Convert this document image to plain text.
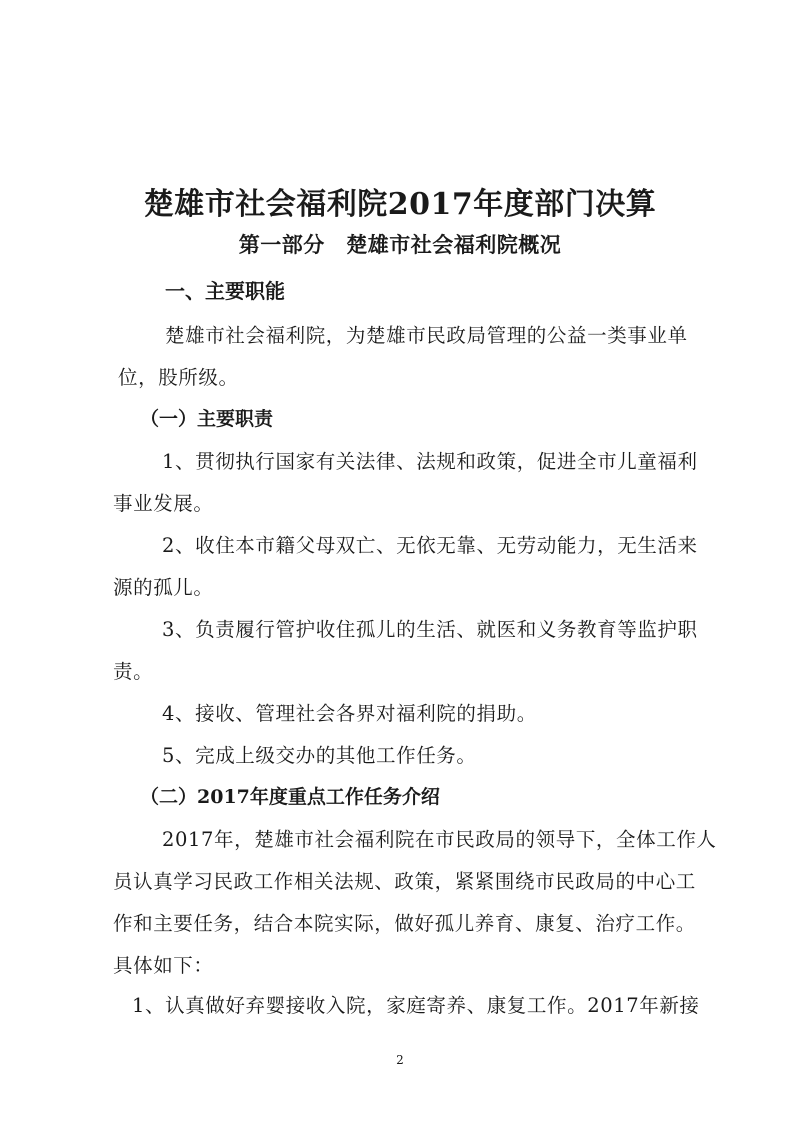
楚雄市社会福利院2017年度部门决算
第一部分　楚雄市社会福利院概况

一、主要职能

楚雄市社会福利院，为楚雄市民政局管理的公益一类事业单

位，股所级。

（一）主要职责

1、贯彻执行国家有关法律、法规和政策，促进全市儿童福利

事业发展。

2、收住本市籍父母双亡、无依无靠、无劳动能力，无生活来

源的孤儿。

3、负责履行管护收住孤儿的生活、就医和义务教育等监护职

责。

4、接收、管理社会各界对福利院的捐助。

5、完成上级交办的其他工作任务。

（二）2017年度重点工作任务介绍

2017年，楚雄市社会福利院在市民政局的领导下，全体工作人

员认真学习民政工作相关法规、政策，紧紧围绕市民政局的中心工

作和主要任务，结合本院实际，做好孤儿养育、康复、治疗工作。

具体如下：

1、认真做好弃婴接收入院，家庭寄养、康复工作。2017年新接

2
